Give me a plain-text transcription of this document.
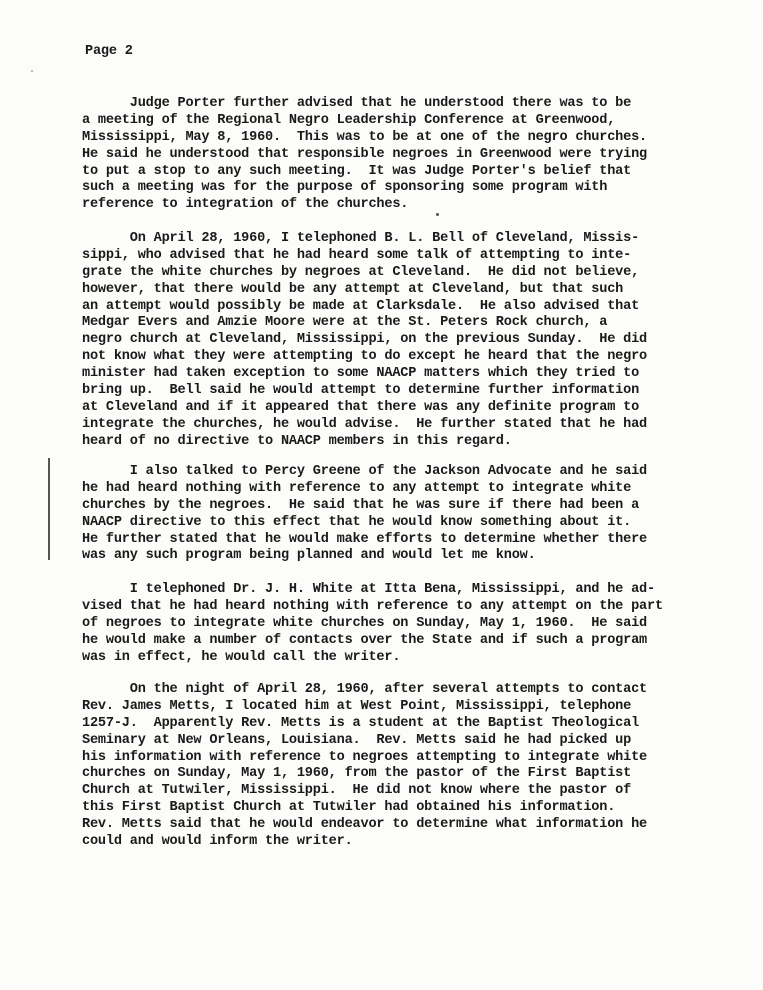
Page 2
Judge Porter further advised that he understood there was to be
a meeting of the Regional Negro Leadership Conference at Greenwood,
Mississippi, May 8, 1960.  This was to be at one of the negro churches.
He said he understood that responsible negroes in Greenwood were trying
to put a stop to any such meeting.  It was Judge Porter's belief that
such a meeting was for the purpose of sponsoring some program with
reference to integration of the churches.
On April 28, 1960, I telephoned B. L. Bell of Cleveland, Missis-
sippi, who advised that he had heard some talk of attempting to inte-
grate the white churches by negroes at Cleveland.  He did not believe,
however, that there would be any attempt at Cleveland, but that such
an attempt would possibly be made at Clarksdale.  He also advised that
Medgar Evers and Amzie Moore were at the St. Peters Rock church, a
negro church at Cleveland, Mississippi, on the previous Sunday.  He did
not know what they were attempting to do except he heard that the negro
minister had taken exception to some NAACP matters which they tried to
bring up.  Bell said he would attempt to determine further information
at Cleveland and if it appeared that there was any definite program to
integrate the churches, he would advise.  He further stated that he had
heard of no directive to NAACP members in this regard.
I also talked to Percy Greene of the Jackson Advocate and he said
he had heard nothing with reference to any attempt to integrate white
churches by the negroes.  He said that he was sure if there had been a
NAACP directive to this effect that he would know something about it.
He further stated that he would make efforts to determine whether there
was any such program being planned and would let me know.
I telephoned Dr. J. H. White at Itta Bena, Mississippi, and he ad-
vised that he had heard nothing with reference to any attempt on the part
of negroes to integrate white churches on Sunday, May 1, 1960.  He said
he would make a number of contacts over the State and if such a program
was in effect, he would call the writer.
On the night of April 28, 1960, after several attempts to contact
Rev. James Metts, I located him at West Point, Mississippi, telephone
1257-J.  Apparently Rev. Metts is a student at the Baptist Theological
Seminary at New Orleans, Louisiana.  Rev. Metts said he had picked up
his information with reference to negroes attempting to integrate white
churches on Sunday, May 1, 1960, from the pastor of the First Baptist
Church at Tutwiler, Mississippi.  He did not know where the pastor of
this First Baptist Church at Tutwiler had obtained his information.
Rev. Metts said that he would endeavor to determine what information he
could and would inform the writer.
